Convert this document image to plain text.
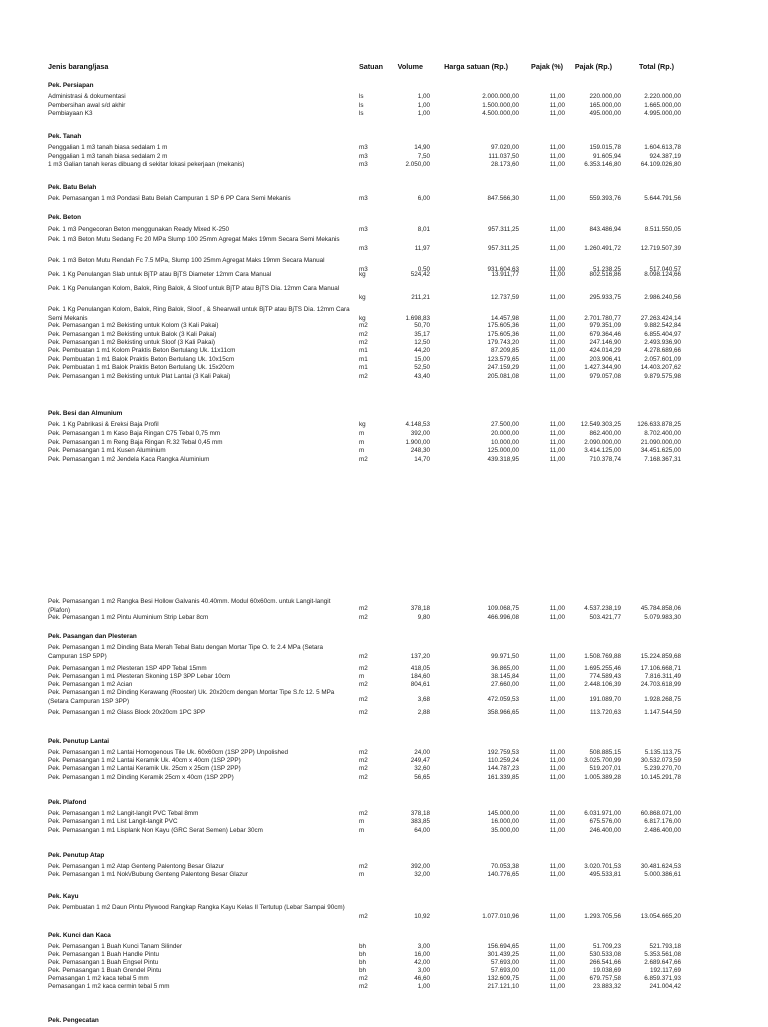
Jenis barang/jasa	Satuan	Volume	Harga satuan (Rp.)	Pajak (%)	Pajak (Rp.)	Total (Rp.)
Pek. Persiapan
Administrasi & dokumentasi	ls	1,00	2.000.000,00	11,00	220.000,00	2.220.000,00
Pembersihan awal s/d akhir	ls	1,00	1.500.000,00	11,00	165.000,00	1.665.000,00
Pembiayaan K3	ls	1,00	4.500.000,00	11,00	495.000,00	4.995.000,00
Pek. Tanah
Penggalian 1 m3 tanah biasa sedalam 1 m	m3	14,90	97.020,00	11,00	159.015,78	1.604.613,78
Penggalian 1 m3 tanah biasa sedalam 2 m	m3	7,50	111.037,50	11,00	91.605,94	924.387,19
1 m3 Galian tanah keras dibuang di sekitar lokasi pekerjaan (mekanis)	m3	2.050,00	28.173,60	11,00	6.353.146,80	64.109.026,80
Pek. Batu Belah
Pek. Pemasangan 1 m3 Pondasi Batu Belah Campuran 1 SP 6 PP Cara Semi Mekanis	m3	6,00	847.566,30	11,00	559.393,76	5.644.791,56
Pek. Beton
Pek. 1 m3 Pengecoran Beton menggunakan Ready Mixed K-250	m3	8,01	957.311,25	11,00	843.486,94	8.511.550,05
Pek. 1 m3 Beton Mutu Sedang Fc 20 MPa Slump 100 25mm Agregat Maks 19mm Secara Semi Mekanis
m3	11,97	957.311,25	11,00	1.260.491,72	12.719.507,39
Pek. 1 m3 Beton Mutu Rendah Fc 7.5 MPa, Slump 100 25mm Agregat Maks 19mm Secara Manual
m3	0,50	931.604,63	11,00	51.238,25	517.040,57
Pek. 1 Kg Penulangan Slab untuk BjTP atau BjTS Diameter 12mm Cara Manual	kg	524,42	13.911,77	11,00	802.516,86	8.098.124,66
Pek. 1 Kg Penulangan Kolom, Balok, Ring Balok, & Sloof untuk BjTP atau BjTS Dia. 12mm Cara Manual
kg	211,21	12.737,59	11,00	295.933,75	2.986.240,56
Pek. 1 Kg Penulangan Kolom, Balok, Ring Balok, Sloof , & Shearwall untuk BjTP atau BjTS Dia. 12mm Cara Semi Mekanis	kg	1.698,83	14.457,98	11,00	2.701.780,77	27.263.424,14
Pek. Pemasangan 1 m2 Bekisting untuk Kolom (3 Kali Pakai)	m2	50,70	175.605,36	11,00	979.351,09	9.882.542,84
Pek. Pemasangan 1 m2 Bekisting untuk Balok (3 Kali Pakai)	m2	35,17	175.605,36	11,00	679.364,46	6.855.404,97
Pek. Pemasangan 1 m2 Bekisting untuk Sloof (3 Kali Pakai)	m2	12,50	179.743,20	11,00	247.146,90	2.493.936,90
Pek. Pembuatan 1 m1 Kolom Praktis Beton Bertulang Uk. 11x11cm	m1	44,20	87.209,85	11,00	424.014,29	4.278.689,66
Pek. Pembuatan 1 m1 Balok Praktis Beton Bertulang Uk. 10x15cm	m1	15,00	123.579,65	11,00	203.906,41	2.057.601,09
Pek. Pembuatan 1 m1 Balok Praktis Beton Bertulang Uk. 15x20cm	m1	52,50	247.159,29	11,00	1.427.344,90	14.403.207,62
Pek. Pemasangan 1 m2 Bekisting untuk Plat Lantai (3 Kali Pakai)	m2	43,40	205.081,08	11,00	979.057,08	9.879.575,98
Pek. Besi dan Almunium
Pek. 1 Kg Pabrikasi & Ereksi Baja Profil	kg	4.148,53	27.500,00	11,00	12.549.303,25	126.633.878,25
Pek. Pemasangan 1 m Kaso Baja Ringan C75 Tebal 0,75 mm	m	392,00	20.000,00	11,00	862.400,00	8.702.400,00
Pek. Pemasangan 1 m Reng Baja Ringan R.32 Tebal 0,45 mm	m	1.900,00	10.000,00	11,00	2.090.000,00	21.090.000,00
Pek. Pemasangan 1 m1 Kusen Aluminium	m	248,30	125.000,00	11,00	3.414.125,00	34.451.625,00
Pek. Pemasangan 1 m2 Jendela Kaca Rangka Aluminium	m2	14,70	439.318,95	11,00	710.378,74	7.168.367,31
Pek. Pemasangan 1 m2 Rangka Besi Hollow Galvanis 40.40mm. Modul 60x60cm. untuk Langit-langit (Plafon)	m2	378,18	109.068,75	11,00	4.537.238,19	45.784.858,06
Pek. Pemasangan 1 m2 Pintu Aluminium Strip Lebar 8cm	m2	9,80	466.996,08	11,00	503.421,77	5.079.983,30
Pek. Pasangan dan Plesteran
Pek. Pemasangan 1 m2 Dinding Bata Merah Tebal Batu dengan Mortar Tipe O. fc 2.4 MPa (Setara Campuran 1SP 5PP)	m2	137,20	99.971,50	11,00	1.508.769,88	15.224.859,68
Pek. Pemasangan 1 m2 Plesteran 1SP 4PP Tebal 15mm	m2	418,05	36.865,00	11,00	1.695.255,46	17.106.668,71
Pek. Pemasangan 1 m1 Plesteran Skoning 1SP 3PP Lebar 10cm	m	184,60	38.145,84	11,00	774.589,43	7.816.311,49
Pek. Pemasangan 1 m2 Acian	m2	804,61	27.660,00	11,00	2.448.106,39	24.703.618,99
Pek. Pemasangan 1 m2 Dinding Kerawang (Rooster) Uk. 20x20cm dengan Mortar Tipe S.fc 12. 5 MPa (Setara Campuran 1SP 3PP)	m2	3,68	472.059,53	11,00	191.089,70	1.928.268,75
Pek. Pemasangan 1 m2 Glass Block 20x20cm 1PC 3PP	m2	2,88	358.966,65	11,00	113.720,63	1.147.544,59
Pek. Penutup Lantai
Pek. Pemasangan 1 m2 Lantai Homogenous Tile Uk. 60x60cm (1SP 2PP) Unpolished	m2	24,00	192.759,53	11,00	508.885,15	5.135.113,75
Pek. Pemasangan 1 m2 Lantai Keramik Uk. 40cm x 40cm (1SP 2PP)	m2	249,47	110.259,24	11,00	3.025.700,99	30.532.073,59
Pek. Pemasangan 1 m2 Lantai Keramik Uk. 25cm x 25cm (1SP 2PP)	m2	32,60	144.787,23	11,00	519.207,01	5.239.270,70
Pek. Pemasangan 1 m2 Dinding Keramik 25cm x 40cm (1SP 2PP)	m2	56,65	161.339,85	11,00	1.005.389,28	10.145.291,78
Pek. Plafond
Pek. Pemasangan 1 m2 Langit-langit PVC Tebal 8mm	m2	378,18	145.000,00	11,00	6.031.971,00	60.868.071,00
Pek. Pemasangan 1 m1 List Langit-langit PVC	m	383,85	16.000,00	11,00	675.576,00	6.817.176,00
Pek. Pemasangan 1 m1 Lisplank Non Kayu (GRC Serat Semen) Lebar 30cm	m	64,00	35.000,00	11,00	246.400,00	2.486.400,00
Pek. Penutup Atap
Pek. Pemasangan 1 m2 Atap Genteng Palentong Besar Glazur	m2	392,00	70.053,38	11,00	3.020.701,53	30.481.624,53
Pek. Pemasangan 1 m1 Nok\/Bubung Genteng Palentong Besar Glazur	m	32,00	140.776,65	11,00	495.533,81	5.000.386,61
Pek. Kayu
Pek. Pembuatan 1 m2 Daun Pintu Plywood Rangkap Rangka Kayu Kelas II Tertutup (Lebar Sampai 90cm)
m2	10,92	1.077.010,96	11,00	1.293.705,56	13.054.665,20
Pek. Kunci dan Kaca
Pek. Pemasangan 1 Buah Kunci Tanam Silinder	bh	3,00	156.694,65	11,00	51.709,23	521.793,18
Pek. Pemasangan 1 Buah Handle Pintu	bh	16,00	301.439,25	11,00	530.533,08	5.353.561,08
Pek. Pemasangan 1 Buah Engsel Pintu	bh	42,00	57.693,00	11,00	266.541,66	2.689.647,66
Pek. Pemasangan 1 Buah Grendel Pintu	bh	3,00	57.693,00	11,00	19.038,69	192.117,69
Pemasangan 1 m2 kaca tebal 5 mm	m2	46,60	132.609,75	11,00	679.757,58	6.859.371,93
Pemasangan 1 m2 kaca cermin tebal 5 mm	m2	1,00	217.121,10	11,00	23.883,32	241.004,42
Pek. Pengecatan
